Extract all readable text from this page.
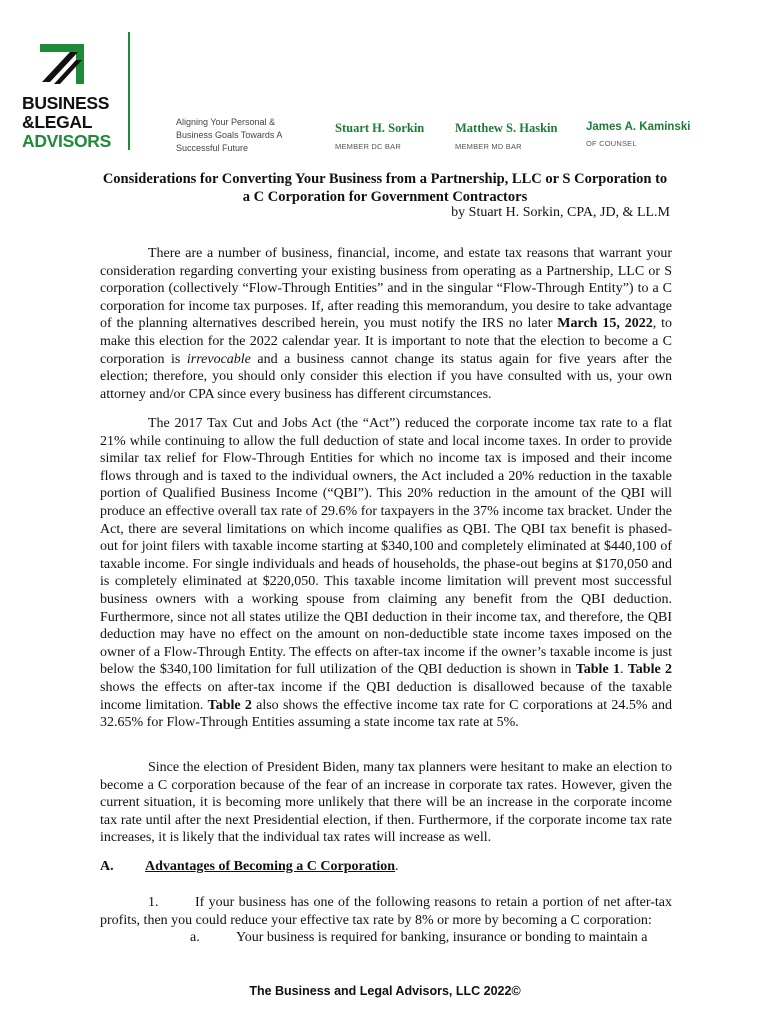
BUSINESS
&LEGAL
ADVISORS
Aligning Your Personal & Business Goals Towards A Successful Future
Stuart H. Sorkin
MEMBER DC BAR
Matthew S. Haskin
MEMBER MD BAR
James A. Kaminski
OF COUNSEL
Considerations for Converting Your Business from a Partnership, LLC or S Corporation to a C Corporation for Government Contractors
by Stuart H. Sorkin, CPA, JD, & LL.M

There are a number of business, financial, income, and estate tax reasons that warrant your consideration regarding converting your existing business from operating as a Partnership, LLC or S corporation (collectively “Flow-Through Entities” and in the singular “Flow-Through Entity”) to a C corporation for income tax purposes. If, after reading this memorandum, you desire to take advantage of the planning alternatives described herein, you must notify the IRS no later March 15, 2022, to make this election for the 2022 calendar year. It is important to note that the election to become a C corporation is irrevocable and a business cannot change its status again for five years after the election; therefore, you should only consider this election if you have consulted with us, your own attorney and/or CPA since every business has different circumstances.

The 2017 Tax Cut and Jobs Act (the “Act”) reduced the corporate income tax rate to a flat 21% while continuing to allow the full deduction of state and local income taxes. In order to provide similar tax relief for Flow-Through Entities for which no income tax is imposed and their income flows through and is taxed to the individual owners, the Act included a 20% reduction in the taxable portion of Qualified Business Income (“QBI”). This 20% reduction in the amount of the QBI will produce an effective overall tax rate of 29.6% for taxpayers in the 37% income tax bracket. Under the Act, there are several limitations on which income qualifies as QBI. The QBI tax benefit is phased-out for joint filers with taxable income starting at $340,100 and completely eliminated at $440,100 of taxable income. For single individuals and heads of households, the phase-out begins at $170,050 and is completely eliminated at $220,050. This taxable income limitation will prevent most successful business owners with a working spouse from claiming any benefit from the QBI deduction. Furthermore, since not all states utilize the QBI deduction in their income tax, and therefore, the QBI deduction may have no effect on the amount on non-deductible state income taxes imposed on the owner of a Flow-Through Entity. The effects on after-tax income if the owner’s taxable income is just below the $340,100 limitation for full utilization of the QBI deduction is shown in Table 1. Table 2 shows the effects on after-tax income if the QBI deduction is disallowed because of the taxable income limitation. Table 2 also shows the effective income tax rate for C corporations at 24.5% and 32.65% for Flow-Through Entities assuming a state income tax rate at 5%.

Since the election of President Biden, many tax planners were hesitant to make an election to become a C corporation because of the fear of an increase in corporate tax rates. However, given the current situation, it is becoming more unlikely that there will be an increase in the corporate income tax rate until after the next Presidential election, if then. Furthermore, if the corporate income tax rate increases, it is likely that the individual tax rates will increase as well.

A. Advantages of Becoming a C Corporation.
1.	If your business has one of the following reasons to retain a portion of net after-tax profits, then you could reduce your effective tax rate by 8% or more by becoming a C corporation:
a.	Your business is required for banking, insurance or bonding to maintain a
The Business and Legal Advisors, LLC 2022©
